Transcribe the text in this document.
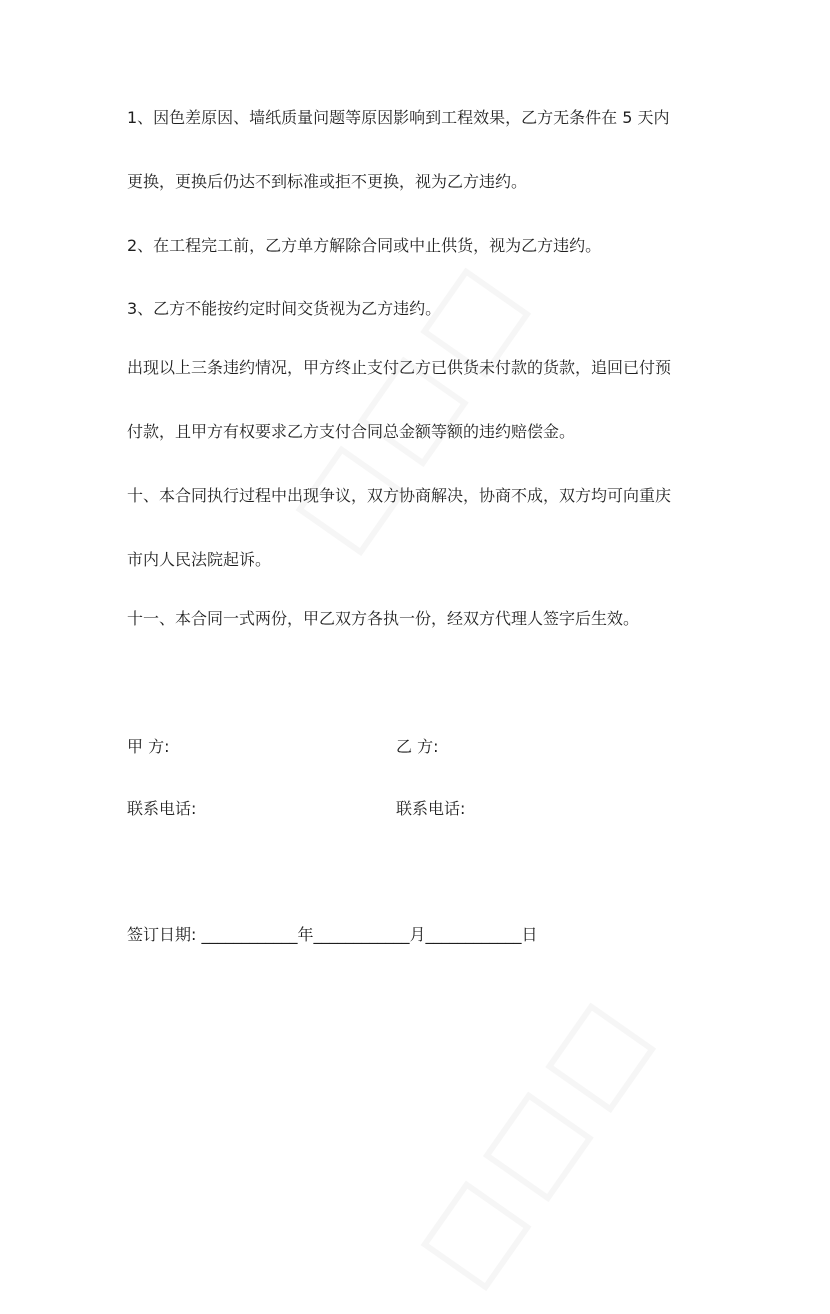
1、因色差原因、墙纸质量问题等原因影响到工程效果，乙方无条件在 5 天内
更换，更换后仍达不到标准或拒不更换，视为乙方违约。
2、在工程完工前，乙方单方解除合同或中止供货，视为乙方违约。
3、乙方不能按约定时间交货视为乙方违约。
出现以上三条违约情况，甲方终止支付乙方已供货未付款的货款，追回已付预
付款，且甲方有权要求乙方支付合同总金额等额的违约赔偿金。
十、本合同执行过程中出现争议，双方协商解决，协商不成，双方均可向重庆
市内人民法院起诉。
十一、本合同一式两份，甲乙双方各执一份，经双方代理人签字后生效。
甲 方:	乙 方:
联系电话:	联系电话:
签订日期: ____________年____________月____________日
